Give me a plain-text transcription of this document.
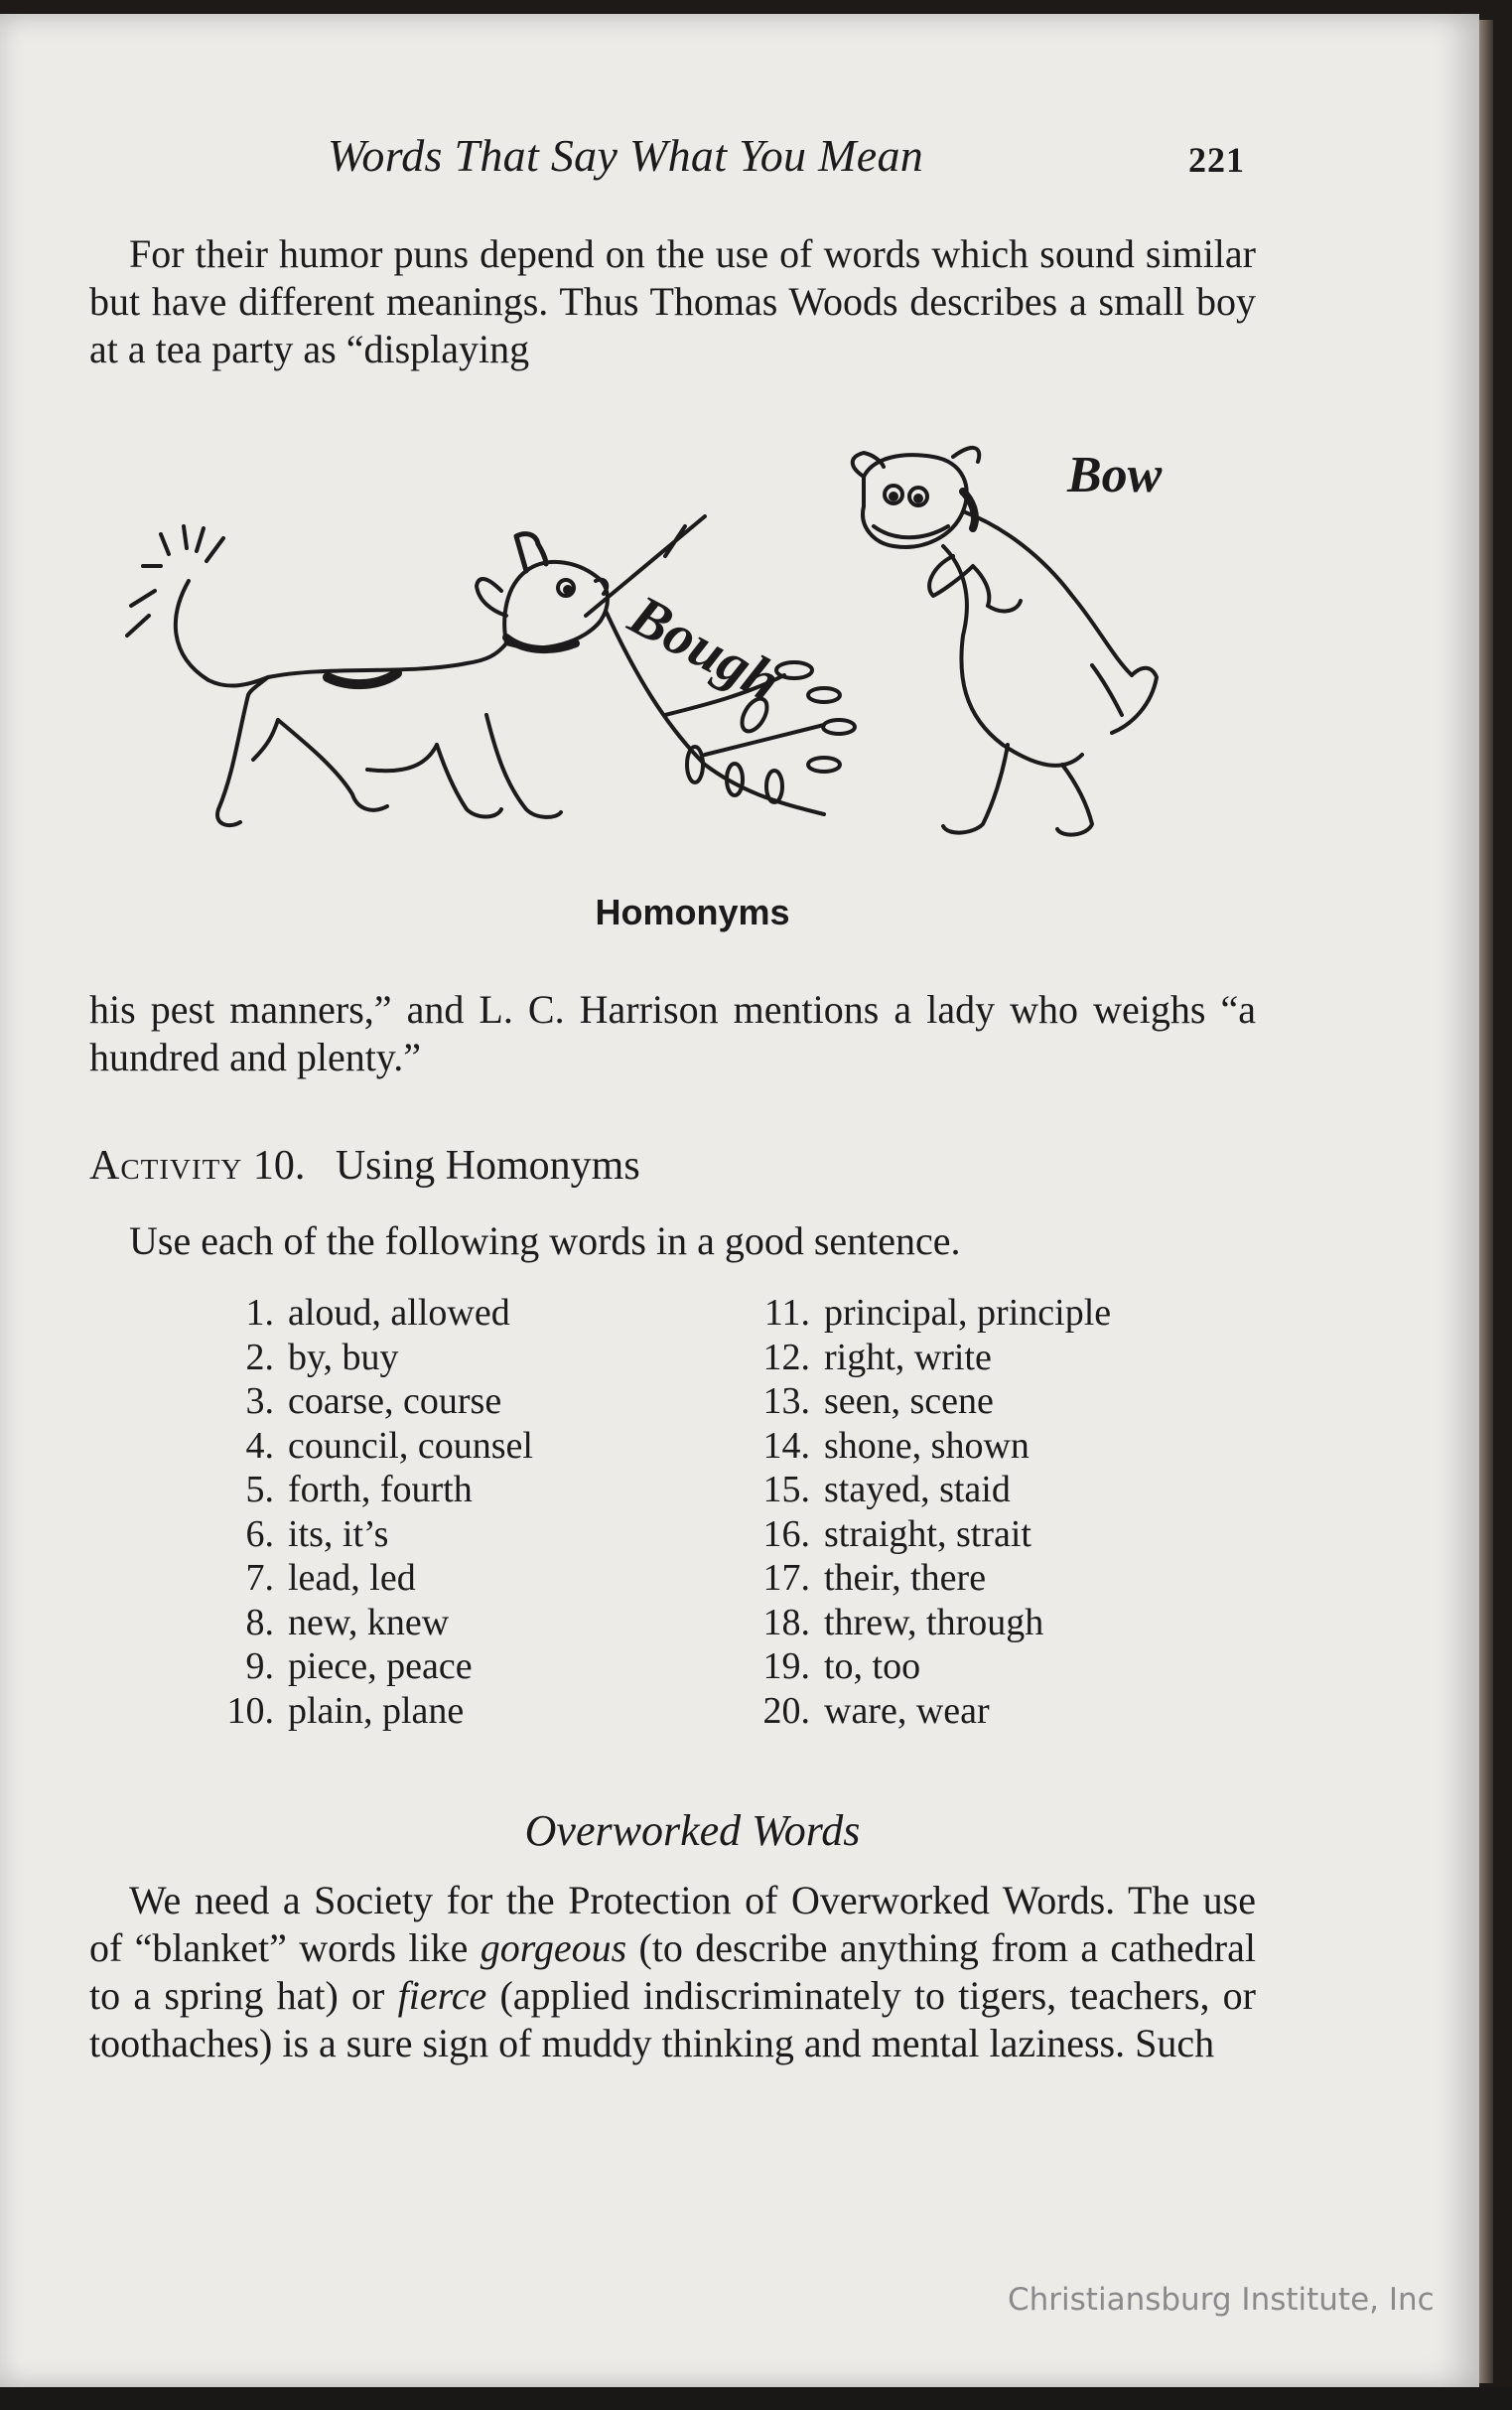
Words That Say What You Mean	221

For their humor puns depend on the use of words which sound similar but have different meanings. Thus Thomas Woods describes a small boy at a tea party as “displaying

Bough
Bow
Homonyms

his pest manners,” and L. C. Harrison mentions a lady who weighs “a hundred and plenty.”

Activity 10. Using Homonyms
Use each of the following words in a good sentence.
1. aloud, allowed
2. by, buy
3. coarse, course
4. council, counsel
5. forth, fourth
6. its, it’s
7. lead, led
8. new, knew
9. piece, peace
10. plain, plane
11. principal, principle
12. right, write
13. seen, scene
14. shone, shown
15. stayed, staid
16. straight, strait
17. their, there
18. threw, through
19. to, too
20. ware, wear
Overworked Words

We need a Society for the Protection of Overworked Words. The use of “blanket” words like gorgeous (to describe anything from a cathedral to a spring hat) or fierce (applied indiscriminately to tigers, teachers, or toothaches) is a sure sign of muddy thinking and mental laziness. Such

Christiansburg Institute, Inc
